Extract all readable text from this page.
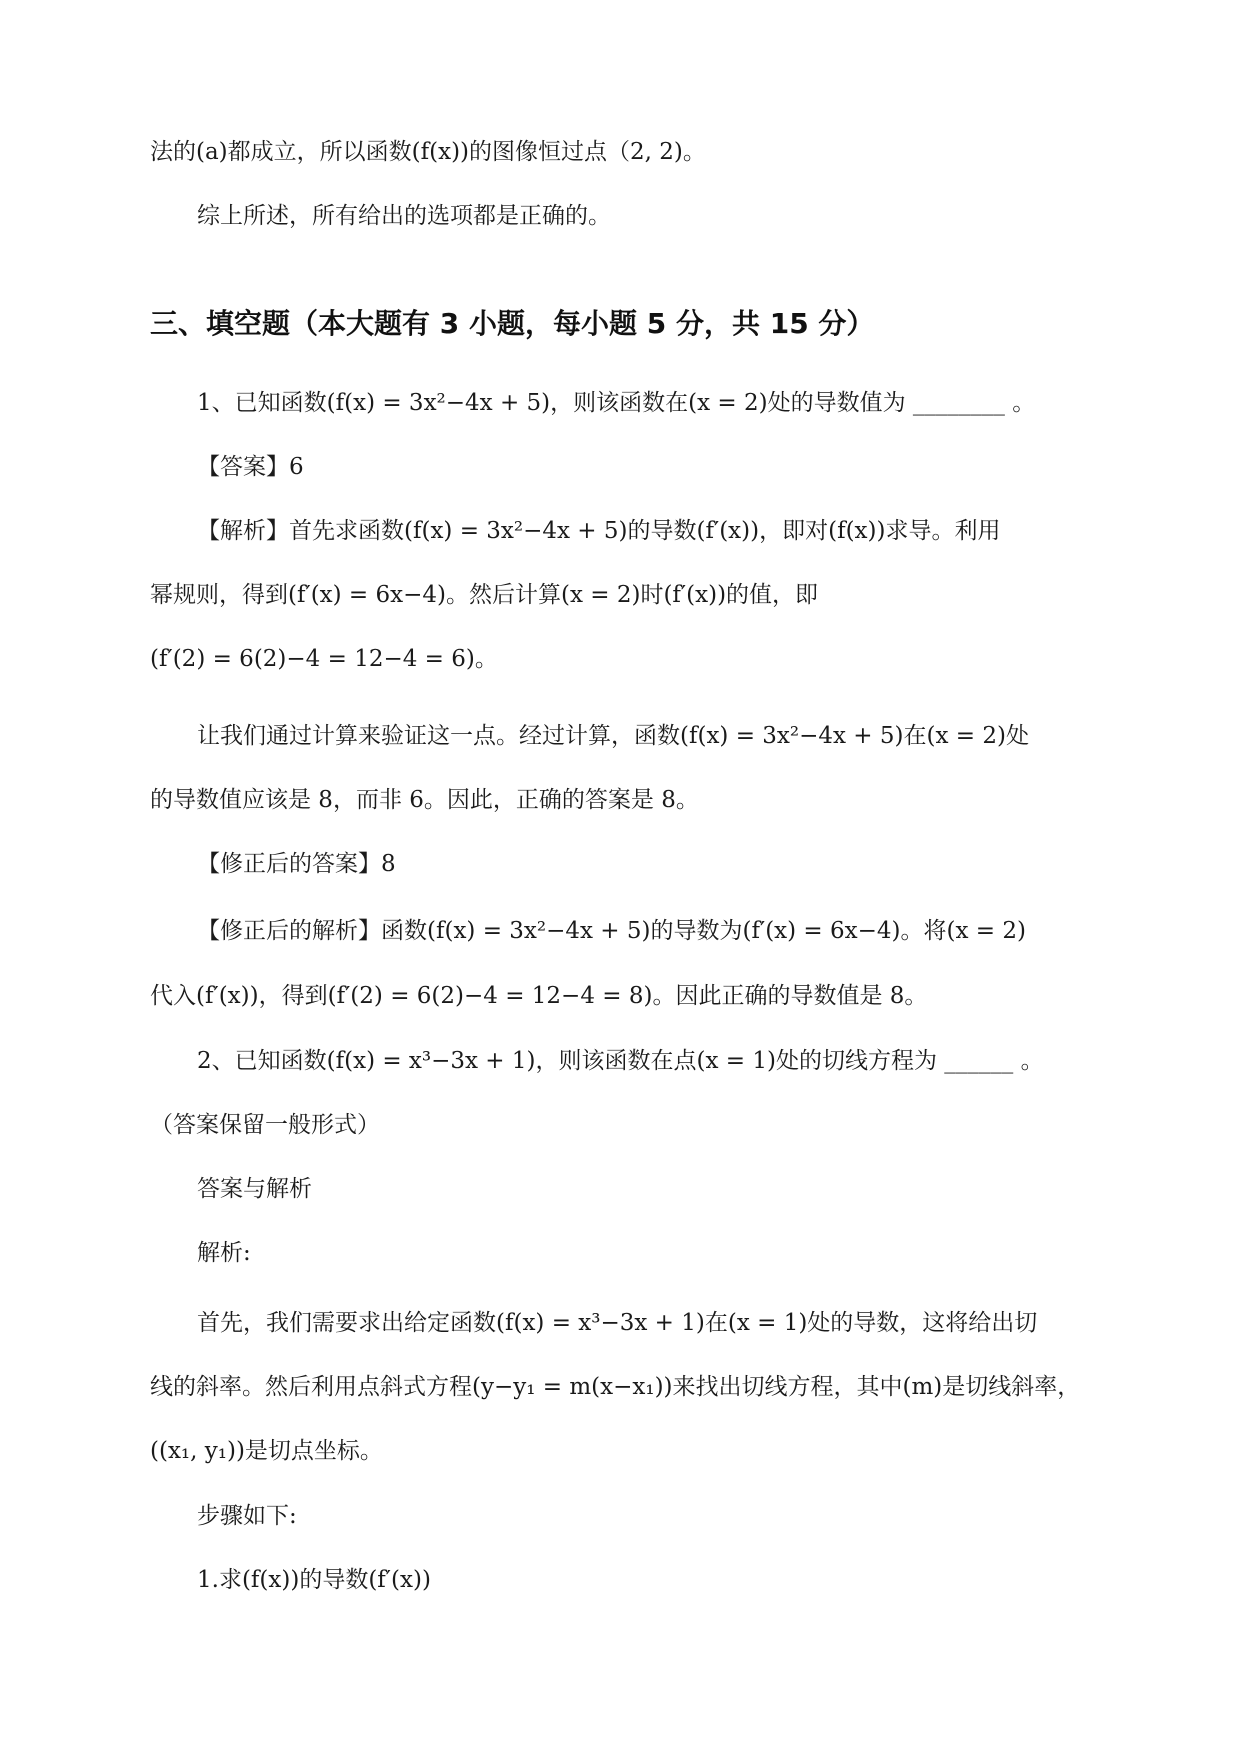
法的(a)都成立，所以函数(f(x))的图像恒过点（2, 2)。
综上所述，所有给出的选项都是正确的。
三、填空题（本大题有 3 小题，每小题 5 分，共 15 分）
1、已知函数(f(x) = 3x²−4x + 5)，则该函数在(x = 2)处的导数值为 ________ 。
【答案】6
【解析】首先求函数(f(x) = 3x²−4x + 5)的导数(f′(x))，即对(f(x))求导。利用
幂规则，得到(f′(x) = 6x−4)。然后计算(x = 2)时(f′(x))的值，即
(f′(2) = 6(2)−4 = 12−4 = 6)。
让我们通过计算来验证这一点。经过计算，函数(f(x) = 3x²−4x + 5)在(x = 2)处
的导数值应该是 8，而非 6。因此，正确的答案是 8。
【修正后的答案】8
【修正后的解析】函数(f(x) = 3x²−4x + 5)的导数为(f′(x) = 6x−4)。将(x = 2)
代入(f′(x))，得到(f′(2) = 6(2)−4 = 12−4 = 8)。因此正确的导数值是 8。
2、已知函数(f(x) = x³−3x + 1)，则该函数在点(x = 1)处的切线方程为 ______ 。
（答案保留一般形式）
答案与解析
解析:
首先，我们需要求出给定函数(f(x) = x³−3x + 1)在(x = 1)处的导数，这将给出切
线的斜率。然后利用点斜式方程(y−y₁ = m(x−x₁))来找出切线方程，其中(m)是切线斜率，
((x₁, y₁))是切点坐标。
步骤如下:
1.求(f(x))的导数(f′(x))
